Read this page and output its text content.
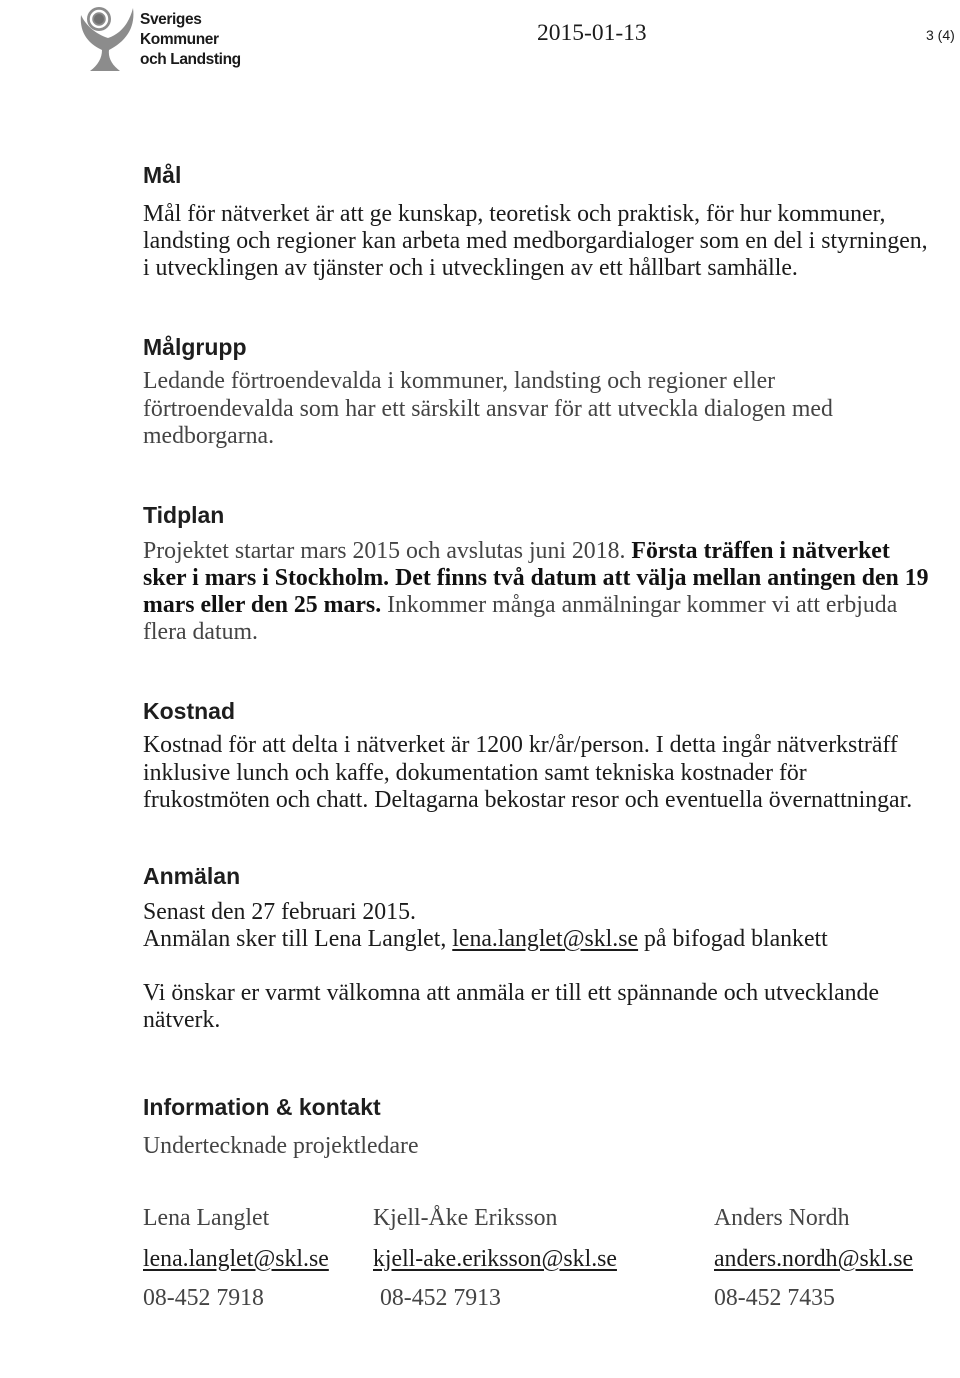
Sveriges
Kommuner
och Landsting
2015-01-13	3 (4)
Mål
Mål för nätverket är att ge kunskap, teoretisk och praktisk, för hur kommuner,
landsting och regioner kan arbeta med medborgardialoger som en del i styrningen,
i utvecklingen av tjänster och i utvecklingen av ett hållbart samhälle.
Målgrupp
Ledande förtroendevalda i kommuner, landsting och regioner eller
förtroendevalda som har ett särskilt ansvar för att utveckla dialogen med
medborgarna.
Tidplan
Projektet startar mars 2015 och avslutas juni 2018. Första träffen i nätverket
sker i mars i Stockholm. Det finns två datum att välja mellan antingen den 19
mars eller den 25 mars. Inkommer många anmälningar kommer vi att erbjuda
flera datum.
Kostnad
Kostnad för att delta i nätverket är 1200 kr/år/person. I detta ingår nätverksträff
inklusive lunch och kaffe, dokumentation samt tekniska kostnader för
frukostmöten och chatt. Deltagarna bekostar resor och eventuella övernattningar.
Anmälan
Senast den 27 februari 2015.
Anmälan sker till Lena Langlet, lena.langlet@skl.se på bifogad blankett
Vi önskar er varmt välkomna att anmäla er till ett spännande och utvecklande
nätverk.
Information & kontakt
Undertecknade projektledare
Lena Langlet
lena.langlet@skl.se
08-452 7918
Kjell-Åke Eriksson
kjell-ake.eriksson@skl.se
08-452 7913
Anders Nordh
anders.nordh@skl.se
08-452 7435
